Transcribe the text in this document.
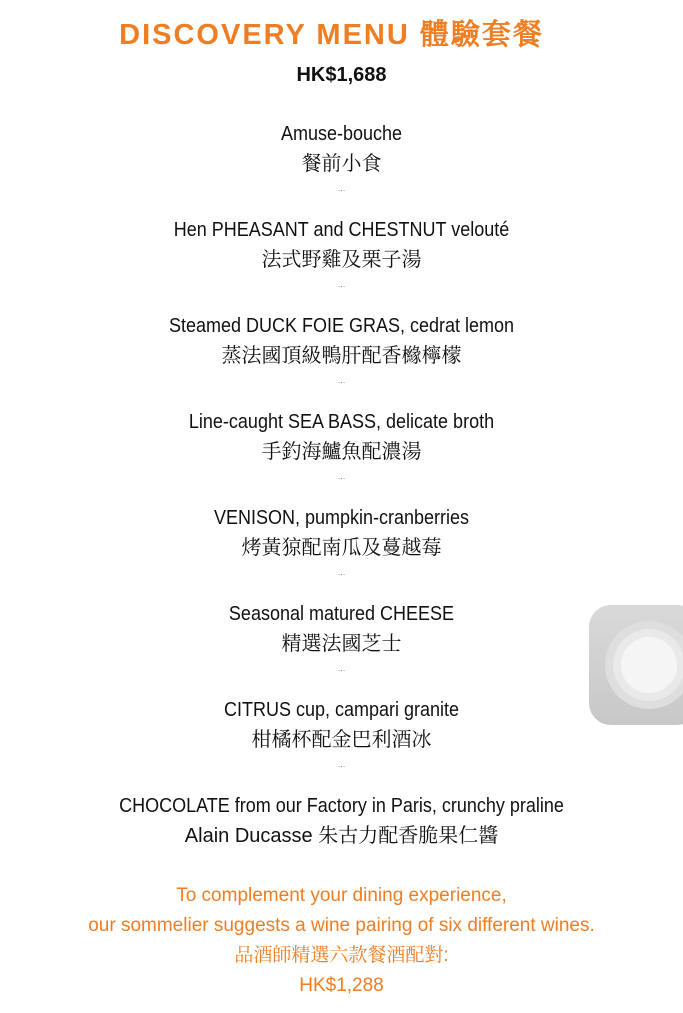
DISCOVERY MENU 體驗套餐
HK$1,688
Amuse-bouche
餐前小食
...
Hen PHEASANT and CHESTNUT velouté
法式野雞及栗子湯
...
Steamed DUCK FOIE GRAS, cedrat lemon
蒸法國頂級鴨肝配香櫞檸檬
...
Line-caught SEA BASS, delicate broth
手釣海鱸魚配濃湯
...
VENISON, pumpkin-cranberries
烤黃猄配南瓜及蔓越莓
...
Seasonal matured CHEESE
精選法國芝士
...
CITRUS cup, campari granite
柑橘杯配金巴利酒冰
...
CHOCOLATE from our Factory in Paris, crunchy praline
Alain Ducasse 朱古力配香脆果仁醬
To complement your dining experience,
our sommelier suggests a wine pairing of six different wines.
品酒師精選六款餐酒配對:
HK$1,288
